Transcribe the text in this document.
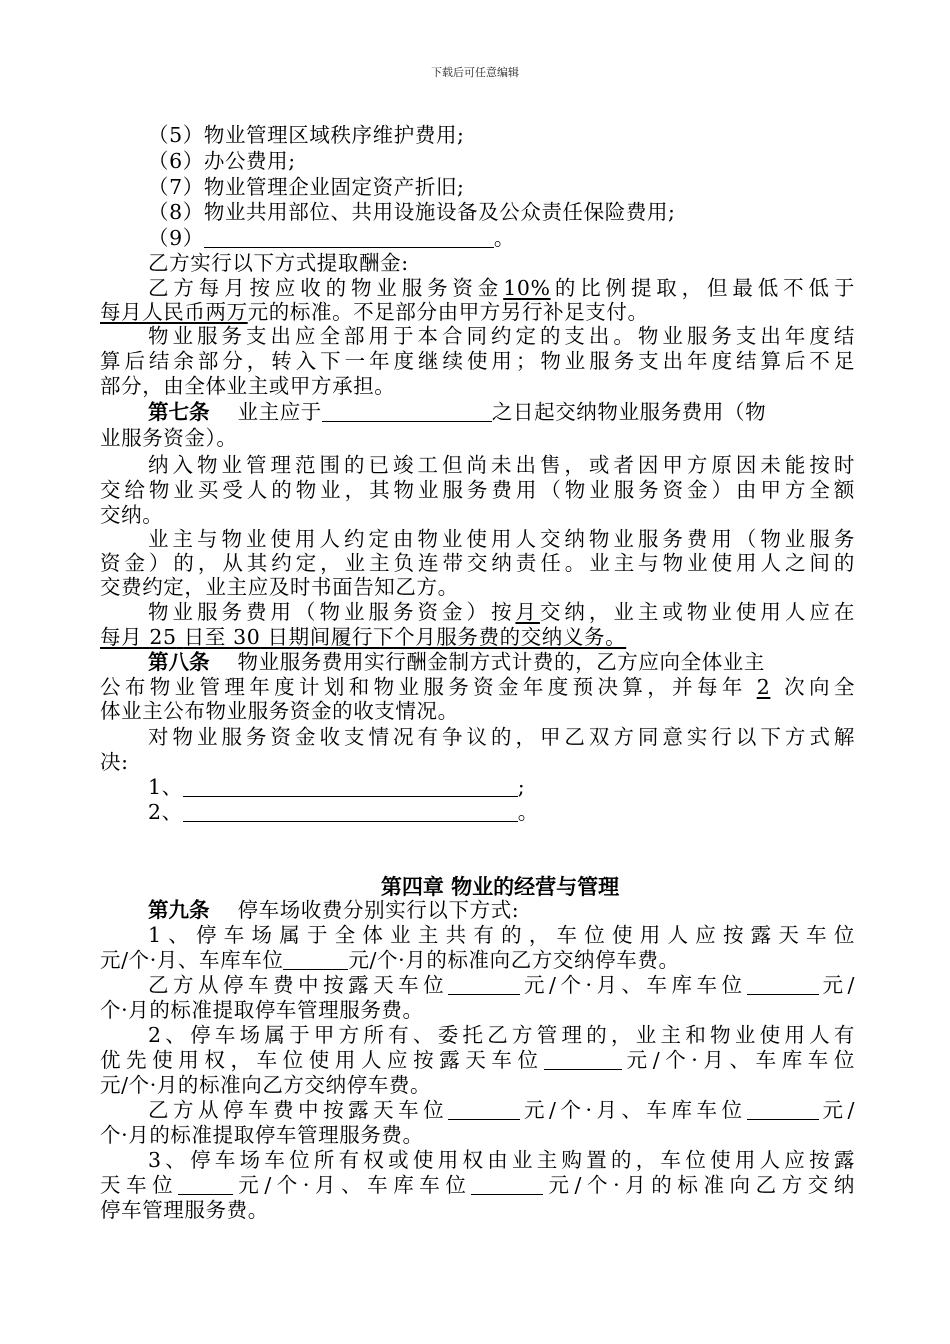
下载后可任意编辑
（5）物业管理区域秩序维护费用;
（6）办公费用;
（7）物业管理企业固定资产折旧;
（8）物业共用部位、共用设施设备及公众责任保险费用;
（9）	。
乙方实行以下方式提取酬金:
乙方每月按应收的物业服务资金10%的比例提取，但最低不低于
每月人民币两万元的标准。不足部分由甲方另行补足支付。
物业服务支出应全部用于本合同约定的支出。物业服务支出年度结
算后结余部分，转入下一年度继续使用；物业服务支出年度结算后不足
部分，由全体业主或甲方承担。
第七条 业主应于	之日起交纳物业服务费用（物
业服务资金）。
纳入物业管理范围的已竣工但尚未出售，或者因甲方原因未能按时
交给物业买受人的物业，其物业服务费用（物业服务资金）由甲方全额
交纳。
业主与物业使用人约定由物业使用人交纳物业服务费用（物业服务
资金）的，从其约定，业主负连带交纳责任。业主与物业使用人之间的
交费约定，业主应及时书面告知乙方。
物业服务费用（物业服务资金）按月交纳，业主或物业使用人应在
每月 25 日至 30 日期间履行下个月服务费的交纳义务。
第八条 物业服务费用实行酬金制方式计费的，乙方应向全体业主
公布物业管理年度计划和物业服务资金年度预决算，并每年 2 次向全
体业主公布物业服务资金的收支情况。
对物业服务资金收支情况有争议的，甲乙双方同意实行以下方式解
决:
1、	;
2、	。
第四章 物业的经营与管理
第九条 停车场收费分别实行以下方式:
1、停车场属于全体业主共有的，车位使用人应按露天车位
元/个·月、车库车位	元/个·月的标准向乙方交纳停车费。
乙方从停车费中按露天车位	元/个·月、车库车位	元/
个·月的标准提取停车管理服务费。
2、停车场属于甲方所有、委托乙方管理的，业主和物业使用人有
优先使用权，车位使用人应按露天车位	元/个·月、车库车位
元/个·月的标准向乙方交纳停车费。
乙方从停车费中按露天车位	元/个·月、车库车位	元/
个·月的标准提取停车管理服务费。
3、停车场车位所有权或使用权由业主购置的，车位使用人应按露
天车位	元/个·月、车库车位	元/个·月的标准向乙方交纳
停车管理服务费。
